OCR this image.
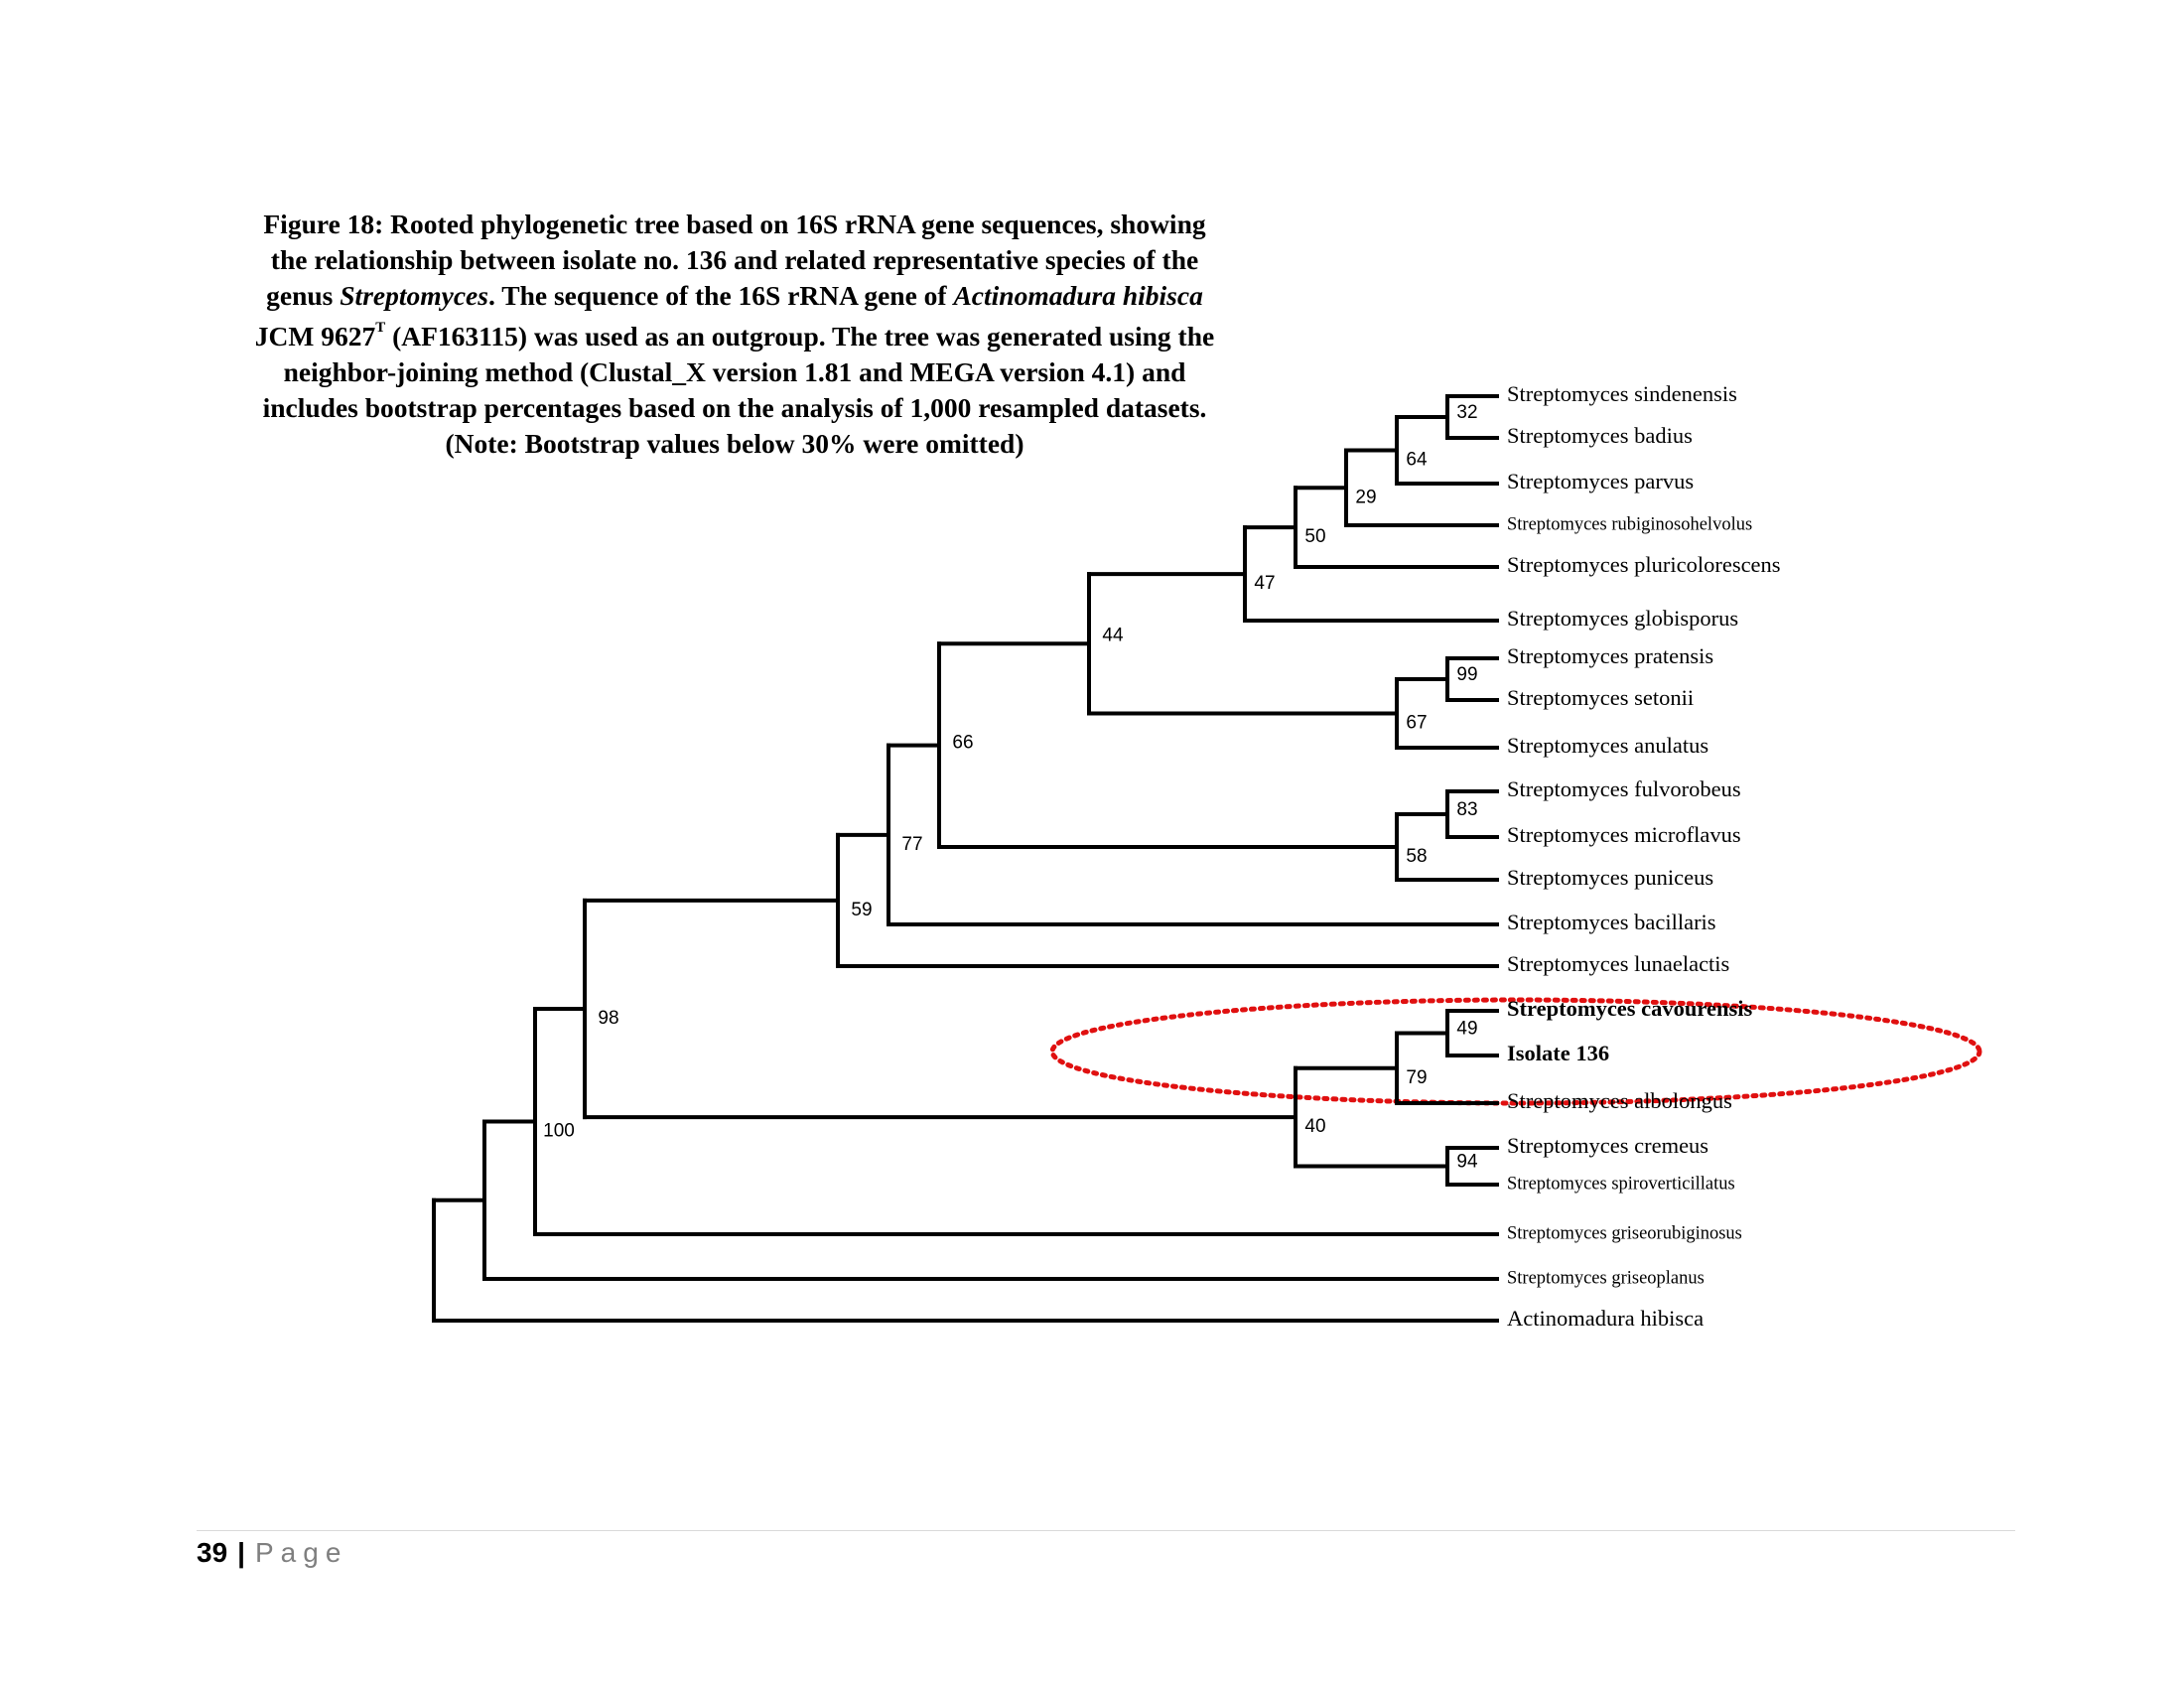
Figure 18: Rooted phylogenetic tree based on 16S rRNA gene sequences, showing
the relationship between isolate no. 136 and related representative species of the
genus Streptomyces. The sequence of the 16S rRNA gene of Actinomadura hibisca
JCM $9627^T$ (AF163115) was used as an outgroup. The tree was generated using the
neighbor-joining method (Clustal_X version 1.81 and MEGA version 4.1) and
includes bootstrap percentages based on the analysis of 1,000 resampled datasets.
(Note: Bootstrap values below 30% were omitted)
32
64
29
50
47
99
67
44
83
58
66
77
59
49
79
94
40
98
100
Streptomyces sindenensis
Streptomyces badius
Streptomyces parvus
Streptomyces rubiginosohelvolus
Streptomyces pluricolorescens
Streptomyces globisporus
Streptomyces pratensis
Streptomyces setonii
Streptomyces anulatus
Streptomyces fulvorobeus
Streptomyces microflavus
Streptomyces puniceus
Streptomyces bacillaris
Streptomyces lunaelactis
Streptomyces cavourensis
Isolate 136
Streptomyces albolongus
Streptomyces cremeus
Streptomyces spiroverticillatus
Streptomyces griseorubiginosus
Streptomyces griseoplanus
Actinomadura hibisca
39 | Page
